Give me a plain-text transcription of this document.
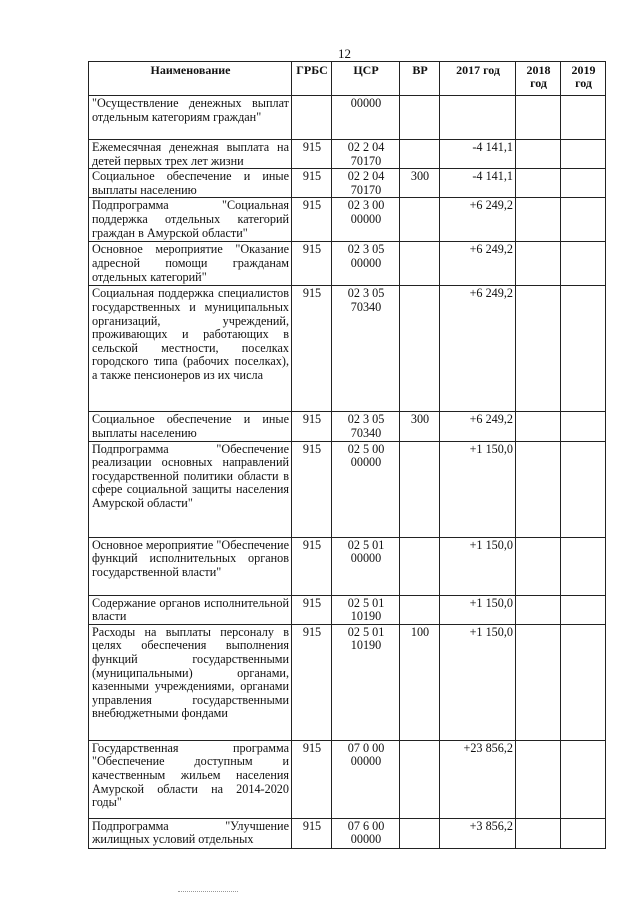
12
Наименование	ГРБС	ЦСР	ВР	2017 год	2018 год	2019 год
"Осуществление денежных выплат отдельным категориям граждан"		00000				
Ежемесячная денежная выплата на детей первых трех лет жизни	915	02 2 04 70170		-4 141,1		
Социальное обеспечение и иные выплаты населению	915	02 2 04 70170	300	-4 141,1		
Подпрограмма "Социальная поддержка отдельных категорий граждан в Амурской области"	915	02 3 00 00000		+6 249,2		
Основное мероприятие "Оказание адресной помощи гражданам отдельных категорий"	915	02 3 05 00000		+6 249,2		
Социальная поддержка специалистов государственных и муниципальных организаций, учреждений, проживающих и работающих в сельской местности, поселках городского типа (рабочих поселках), а также пенсионеров из их числа	915	02 3 05 70340		+6 249,2		
Социальное обеспечение и иные выплаты населению	915	02 3 05 70340	300	+6 249,2		
Подпрограмма "Обеспечение реализации основных направлений государственной политики области в сфере социальной защиты населения Амурской области"	915	02 5 00 00000		+1 150,0		
Основное мероприятие "Обеспечение функций исполнительных органов государственной власти"	915	02 5 01 00000		+1 150,0		
Содержание органов исполнительной власти	915	02 5 01 10190		+1 150,0		
Расходы на выплаты персоналу в целях обеспечения выполнения функций государственными (муниципальными) органами, казенными учреждениями, органами управления государственными внебюджетными фондами	915	02 5 01 10190	100	+1 150,0		
Государственная программа "Обеспечение доступным и качественным жильем населения Амурской области на 2014-2020 годы"	915	07 0 00 00000		+23 856,2		
Подпрограмма "Улучшение жилищных условий отдельных	915	07 6 00 00000		+3 856,2		
